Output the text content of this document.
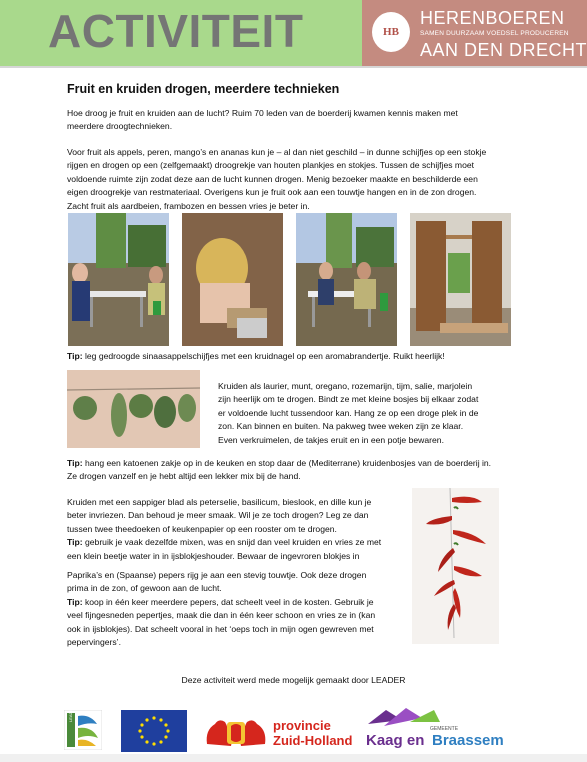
ACTIVITEIT	HB
HERENBOEREN
SAMEN DUURZAAM VOEDSEL PRODUCEREN
AAN DEN DRECHT
Fruit en kruiden drogen, meerdere technieken
Hoe droog je fruit en kruiden aan de lucht? Ruim 70 leden van de boerderij kwamen kennis maken met
meerdere droogtechnieken.
Voor fruit als appels, peren, mango’s en ananas kun je – al dan niet geschild – in dunne schijfjes op een stokje
rijgen en drogen op een (zelfgemaakt) droogrekje van houten plankjes en stokjes. Tussen de schijfjes moet
voldoende ruimte zijn zodat deze aan de lucht kunnen drogen. Menig bezoeker maakte en beschilderde een
eigen droogrekje van restmateriaal. Overigens kun je fruit ook aan een touwtje hangen en in de zon drogen.
Zacht fruit als aardbeien, frambozen en bessen vries je beter in.
Tip: leg gedroogde sinaasappelschijfjes met een kruidnagel op een aromabrandertje. Ruikt heerlijk!
Kruiden als laurier, munt, oregano, rozemarijn, tijm, salie, marjolein
zijn heerlijk om te drogen. Bindt ze met kleine bosjes bij elkaar zodat
er voldoende lucht tussendoor kan. Hang ze op een droge plek in de
zon. Kan binnen en buiten. Na pakweg twee weken zijn ze klaar.
Even verkruimelen, de takjes eruit en in een potje bewaren.
Tip: hang een katoenen zakje op in de keuken en stop daar de (Mediterrane) kruidenbosjes van de boerderij in.
Ze drogen vanzelf en je hebt altijd een lekker mix bij de hand.
Kruiden met een sappiger blad als peterselie, basilicum, bieslook, en dille kun je
beter invriezen. Dan behoud je meer smaak. Wil je ze toch drogen? Leg ze dan
tussen twee theedoeken of keukenpapier op een rooster om te drogen.
Tip: gebruik je vaak dezelfde mixen, was en snijd dan veel kruiden en vries ze met
een klein beetje water in in ijsblokjeshouder. Bewaar de ingevroren blokjes in
Paprika’s en (Spaanse) pepers rijg je aan een stevig touwtje. Ook deze drogen
prima in de zon, of gewoon aan de lucht.
Tip: koop in één keer meerdere pepers, dat scheelt veel in de kosten. Gebruik je
veel fijngesneden pepertjes, maak die dan in één keer schoon en vries ze in (kan
ook in ijsblokjes). Dat scheelt vooral in het ‘oeps toch in mijn ogen gewreven met
pepervingers’.
Deze activiteit werd mede mogelijk gemaakt door LEADER
LEADER
provincie
Zuid-Holland Kaag en Braassem
GEMEENTE
